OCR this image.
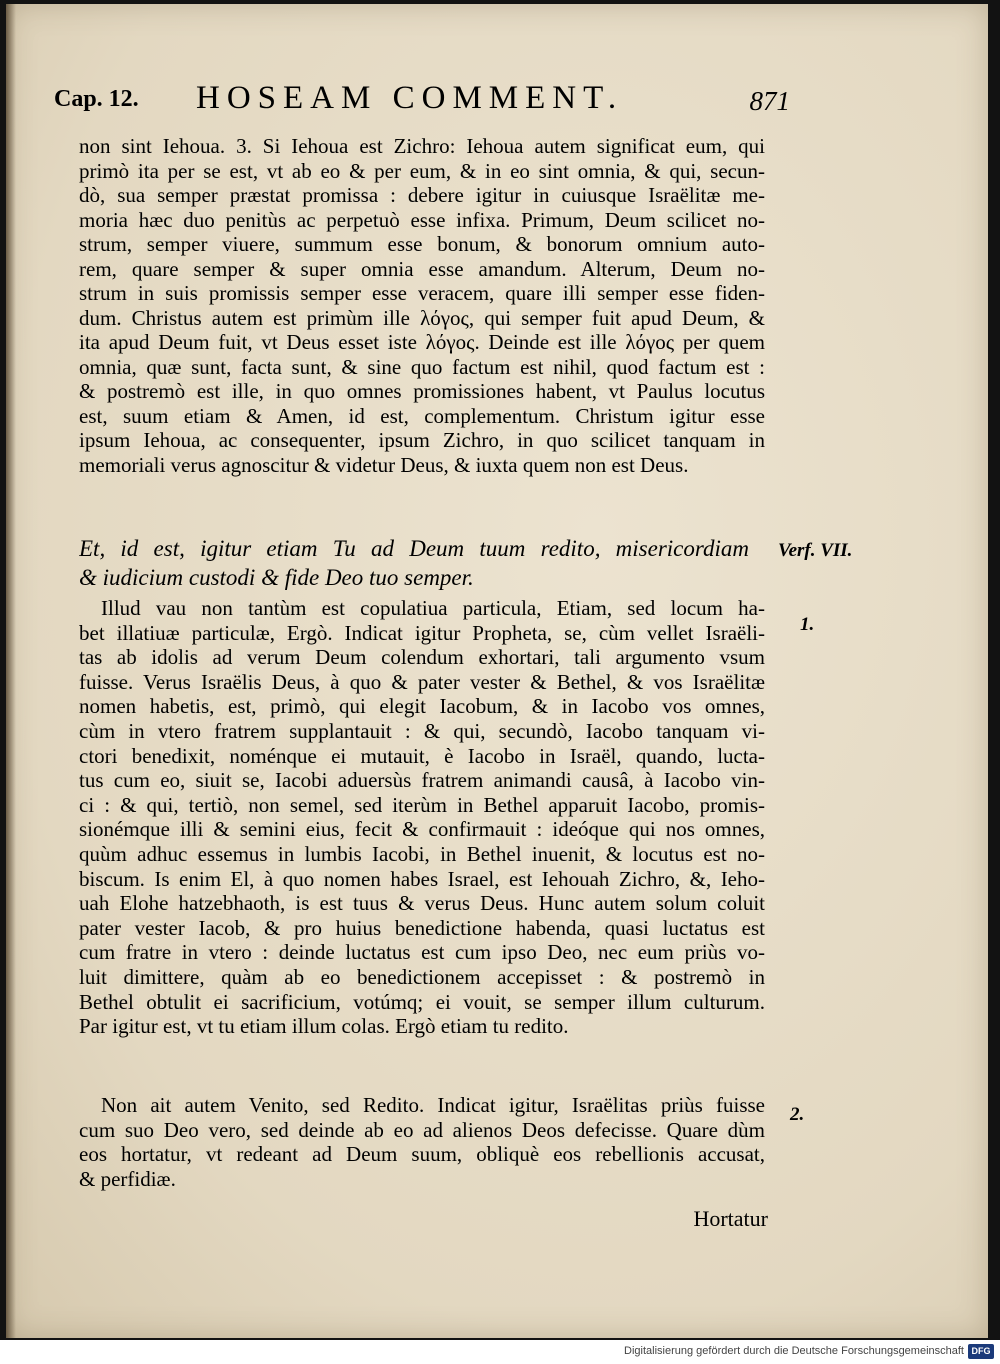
Cap. 12. HOSEAM COMMENT.	871
non sint Iehoua. 3. Si Iehoua est Zichro: Iehoua autem significat eum, qui
primò ita per se est, vt ab eo & per eum, & in eo sint omnia, & qui, secun-
dò, sua semper præstat promissa : debere igitur in cuiusque Israëlitæ me-
moria hæc duo penitùs ac perpetuò esse infixa. Primum, Deum scilicet no-
strum, semper viuere, summum esse bonum, & bonorum omnium auto-
rem, quare semper & super omnia esse amandum. Alterum, Deum no-
strum in suis promissis semper esse veracem, quare illi semper esse fiden-
dum. Christus autem est primùm ille λόγος, qui semper fuit apud Deum, &
ita apud Deum fuit, vt Deus esset iste λόγος. Deinde est ille λόγος per quem
omnia, quæ sunt, facta sunt, & sine quo factum est nihil, quod factum est :
& postremò est ille, in quo omnes promissiones habent, vt Paulus locutus
est, suum etiam & Amen, id est, complementum. Christum igitur esse
ipsum Iehoua, ac consequenter, ipsum Zichro, in quo scilicet tanquam in
memoriali verus agnoscitur & videtur Deus, & iuxta quem non est Deus.
Et, id est, igitur etiam Tu ad Deum tuum redito, misericordiam
& iudicium custodi & fide Deo tuo semper.
Verf. VII.
1.
2.
Illud vau non tantùm est copulatiua particula, Etiam, sed locum ha-
bet illatiuæ particulæ, Ergò. Indicat igitur Propheta, se, cùm vellet Israëli-
tas ab idolis ad verum Deum colendum exhortari, tali argumento vsum
fuisse. Verus Israëlis Deus, à quo & pater vester & Bethel, & vos Israëlitæ
nomen habetis, est, primò, qui elegit Iacobum, & in Iacobo vos omnes,
cùm in vtero fratrem supplantauit : & qui, secundò, Iacobo tanquam vi-
ctori benedixit, noménque ei mutauit, è Iacobo in Israël, quando, lucta-
tus cum eo, siuit se, Iacobi aduersùs fratrem animandi causâ, à Iacobo vin-
ci : & qui, tertiò, non semel, sed iterùm in Bethel apparuit Iacobo, promis-
sionémque illi & semini eius, fecit & confirmauit : ideóque qui nos omnes,
quùm adhuc essemus in lumbis Iacobi, in Bethel inuenit, & locutus est no-
biscum. Is enim El, à quo nomen habes Israel, est Iehouah Zichro, &, Ieho-
uah Elohe hatzebhaoth, is est tuus & verus Deus. Hunc autem solum coluit
pater vester Iacob, & pro huius benedictione habenda, quasi luctatus est
cum fratre in vtero : deinde luctatus est cum ipso Deo, nec eum priùs vo-
luit dimittere, quàm ab eo benedictionem accepisset : & postremò in
Bethel obtulit ei sacrificium, votúmq; ei vouit, se semper illum culturum.
Par igitur est, vt tu etiam illum colas. Ergò etiam tu redito.
Non ait autem Venito, sed Redito. Indicat igitur, Israëlitas priùs fuisse
cum suo Deo vero, sed deinde ab eo ad alienos Deos defecisse. Quare dùm
eos hortatur, vt redeant ad Deum suum, obliquè eos rebellionis accusat,
& perfidiæ.
Hortatur
Digitalisierung gefördert durch die Deutsche Forschungsgemeinschaft DFG
